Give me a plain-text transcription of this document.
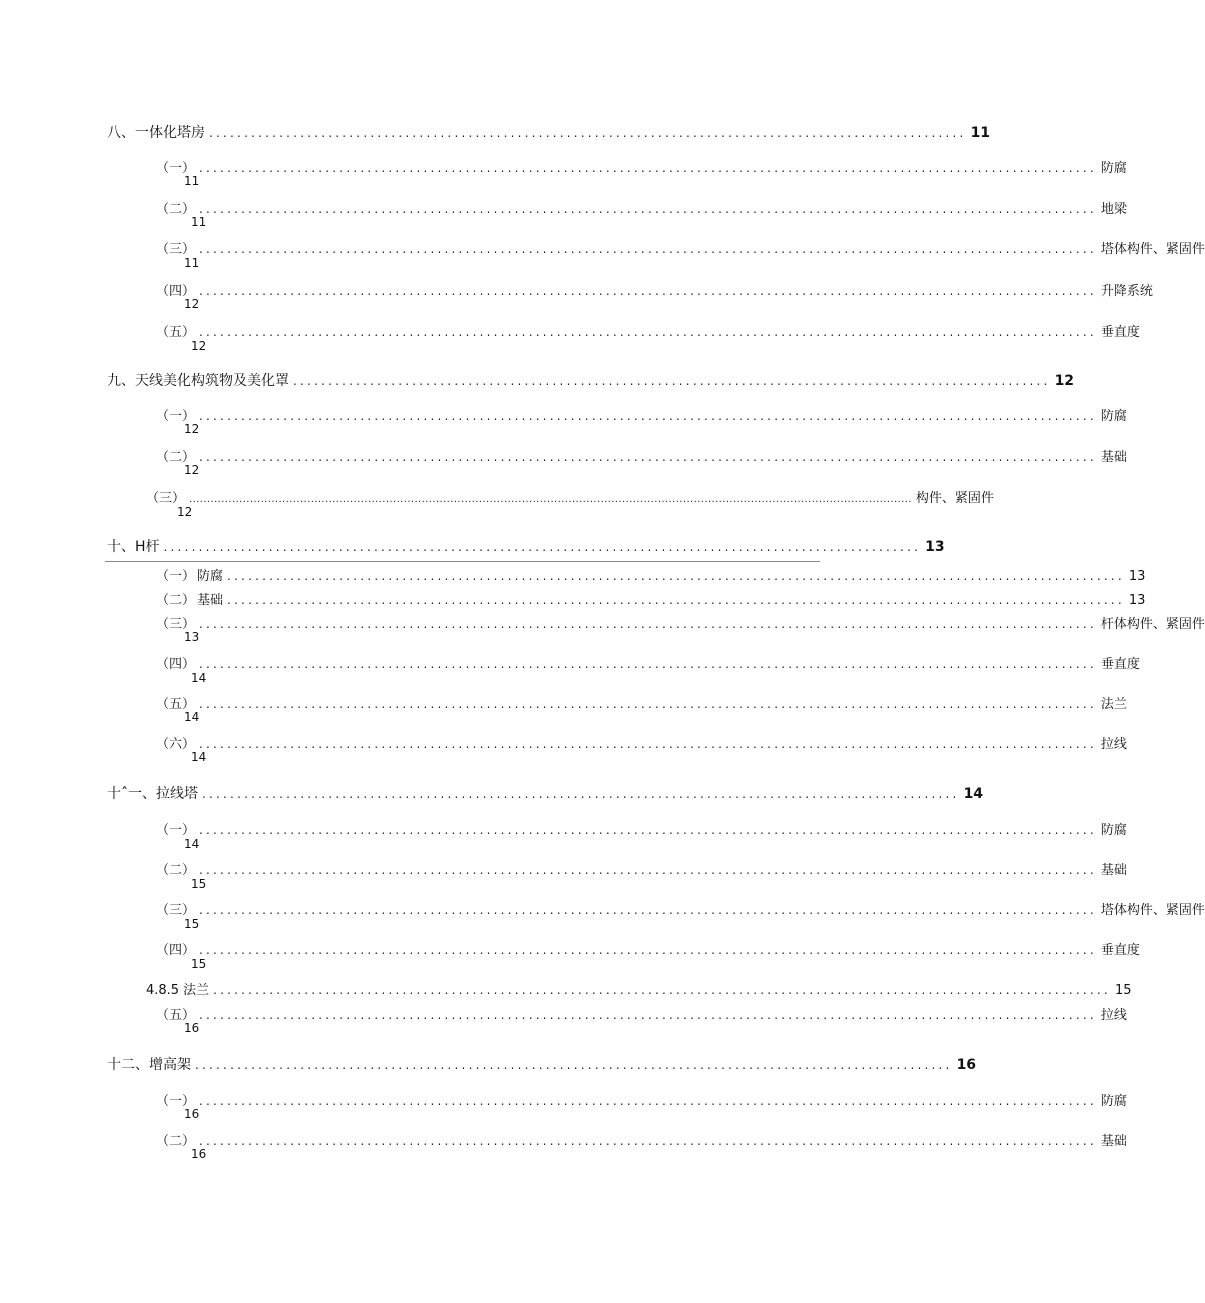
八、 一体化塔房 ............................................................................................................ 11
（一） ................................................................................................................................ 防腐
11
（二） ................................................................................................................................ 地梁
11
（三） ................................................................................................................................ 塔体构件、紧固件
11
（四） ................................................................................................................................ 升降系统
12
（五） ................................................................................................................................ 垂直度
12
九、 天线美化构筑物及美化罩 ............................................................................................................ 12
（一） ................................................................................................................................ 防腐
12
（二） ................................................................................................................................ 基础
12
（三） .......................................................................................................................................................................................................... 构件、紧固件
12
十、 H杆 ............................................................................................................ 13
（一） 防腐 ................................................................................................................................ 13
（二） 基础 ................................................................................................................................ 13
（三） ................................................................................................................................ 杆体构件、紧固件
13
（四） ................................................................................................................................ 垂直度
14
（五） ................................................................................................................................ 法兰
14
（六） ................................................................................................................................ 拉线
14
十ˆ一、 拉线塔 ............................................................................................................ 14
（一） ................................................................................................................................ 防腐
14
（二） ................................................................................................................................ 基础
15
（三） ................................................................................................................................ 塔体构件、紧固件
15
（四） ................................................................................................................................ 垂直度
15
4.8.5 法兰 ................................................................................................................................ 15
（五） ................................................................................................................................ 拉线
16
十二、 增高架 ............................................................................................................ 16
（一） ................................................................................................................................ 防腐
16
（二） ................................................................................................................................ 基础
16
